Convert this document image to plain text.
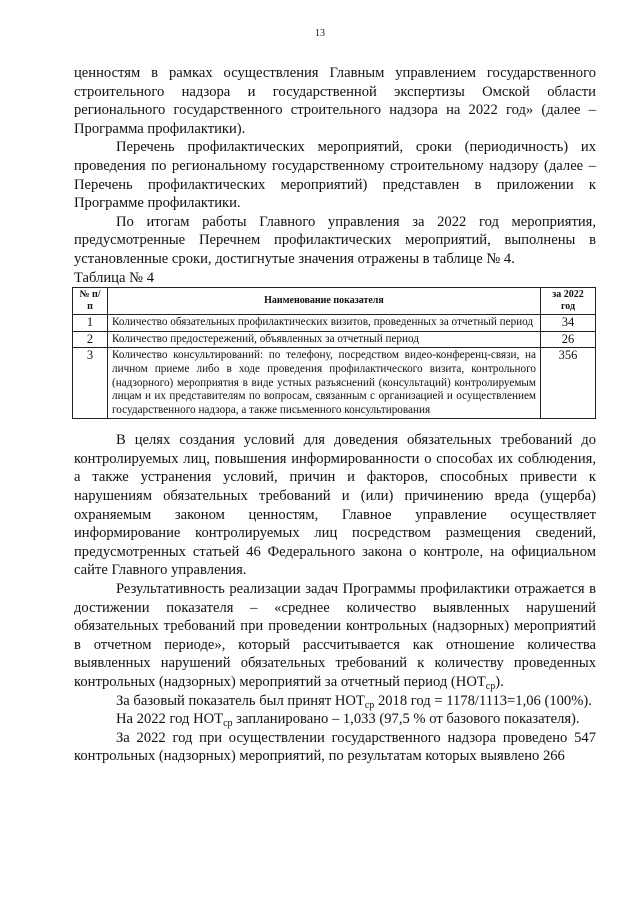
13

ценностям в рамках осуществления Главным управлением государственного строительного надзора и государственной экспертизы Омской области регионального государственного строительного надзора на 2022 год» (далее – Программа профилактики).

Перечень профилактических мероприятий, сроки (периодичность) их проведения по региональному государственному строительному надзору (далее – Перечень профилактических мероприятий) представлен в приложении к Программе профилактики.

По итогам работы Главного управления за 2022 год мероприятия, предусмотренные Перечнем профилактических мероприятий, выполнены в установленные сроки, достигнутые значения отражены в таблице № 4.

Таблица № 4

№ п/п	Наименование показателя	за 2022 год
1	Количество обязательных профилактических визитов, проведенных за отчетный период	34
2	Количество предостережений, объявленных за отчетный период	26
3	Количество консультирований: по телефону, посредством видео-конференц-связи, на личном приеме либо в ходе проведения профилактического визита, контрольного (надзорного) мероприятия в виде устных разъяснений (консультаций) контролируемым лицам и их представителям по вопросам, связанным с организацией и осуществлением государственного надзора, а также письменного консультирования	356

В целях создания условий для доведения обязательных требований до контролируемых лиц, повышения информированности о способах их соблюдения, а также устранения условий, причин и факторов, способных привести к нарушениям обязательных требований и (или) причинению вреда (ущерба) охраняемым законом ценностям, Главное управление осуществляет информирование контролируемых лиц посредством размещения сведений, предусмотренных статьей 46 Федерального закона о контроле, на официальном сайте Главного управления.

Результативность реализации задач Программы профилактики отражается в достижении показателя – «среднее количество выявленных нарушений обязательных требований при проведении контрольных (надзорных) мероприятий в отчетном периоде», который рассчитывается как отношение количества выявленных нарушений обязательных требований к количеству проведенных контрольных (надзорных) мероприятий за отчетный период $(НОТ_{ср})$.

За базовый показатель был принят $НОТ_{ср}$ 2018 год = 1178/1113=1,06 (100%).

На 2022 год $НОТ_{ср}$ запланировано – 1,033 (97,5 % от базового показателя).

За 2022 год при осуществлении государственного надзора проведено 547 контрольных (надзорных) мероприятий, по результатам которых выявлено 266
